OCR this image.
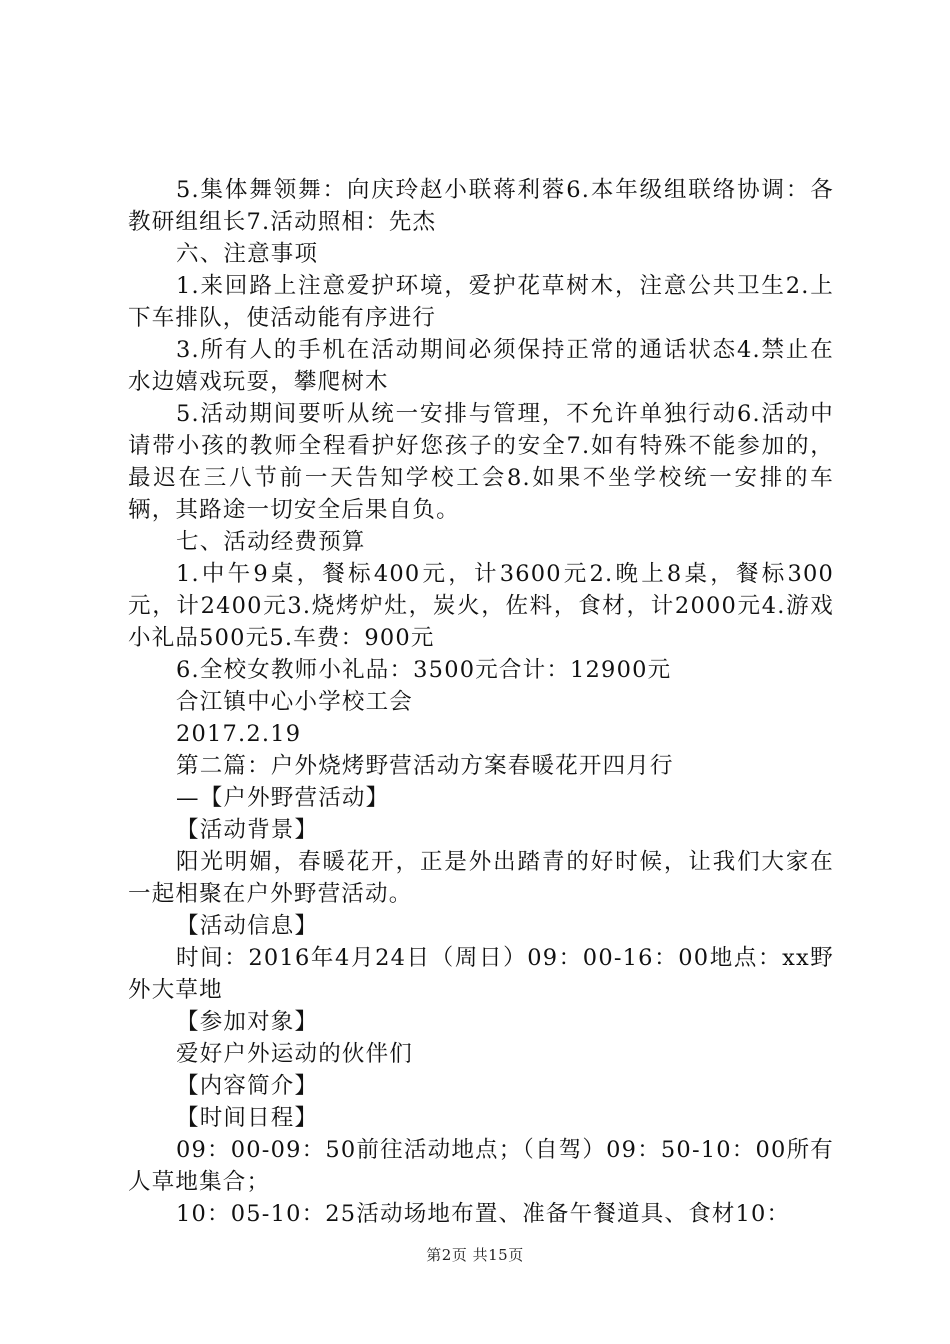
5.集体舞领舞：向庆玲赵小联蒋利蓉6.本年级组联络协调：各教研组组长7.活动照相：先杰

六、注意事项

1.来回路上注意爱护环境，爱护花草树木，注意公共卫生2.上下车排队，使活动能有序进行

3.所有人的手机在活动期间必须保持正常的通话状态4.禁止在水边嬉戏玩耍，攀爬树木

5.活动期间要听从统一安排与管理，不允许单独行动6.活动中请带小孩的教师全程看护好您孩子的安全7.如有特殊不能参加的，最迟在三八节前一天告知学校工会8.如果不坐学校统一安排的车辆，其路途一切安全后果自负。

七、活动经费预算

1.中午9桌，餐标400元，计3600元2.晚上8桌，餐标300元，计2400元3.烧烤炉灶，炭火，佐料，食材，计2000元4.游戏小礼品500元5.车费：900元

6.全校女教师小礼品：3500元合计：12900元

合江镇中心小学校工会

2017.2.19

第二篇：户外烧烤野营活动方案春暖花开四月行

—【户外野营活动】

【活动背景】

阳光明媚，春暖花开，正是外出踏青的好时候，让我们大家在一起相聚在户外野营活动。

【活动信息】

时间：2016年4月24日（周日）09：00-16：00地点：xx野外大草地

【参加对象】

爱好户外运动的伙伴们

【内容简介】

【时间日程】

09：00-09：50前往活动地点；（自驾）09：50-10：00所有人草地集合；

10：05-10：25活动场地布置、准备午餐道具、食材10：

第2页 共15页
